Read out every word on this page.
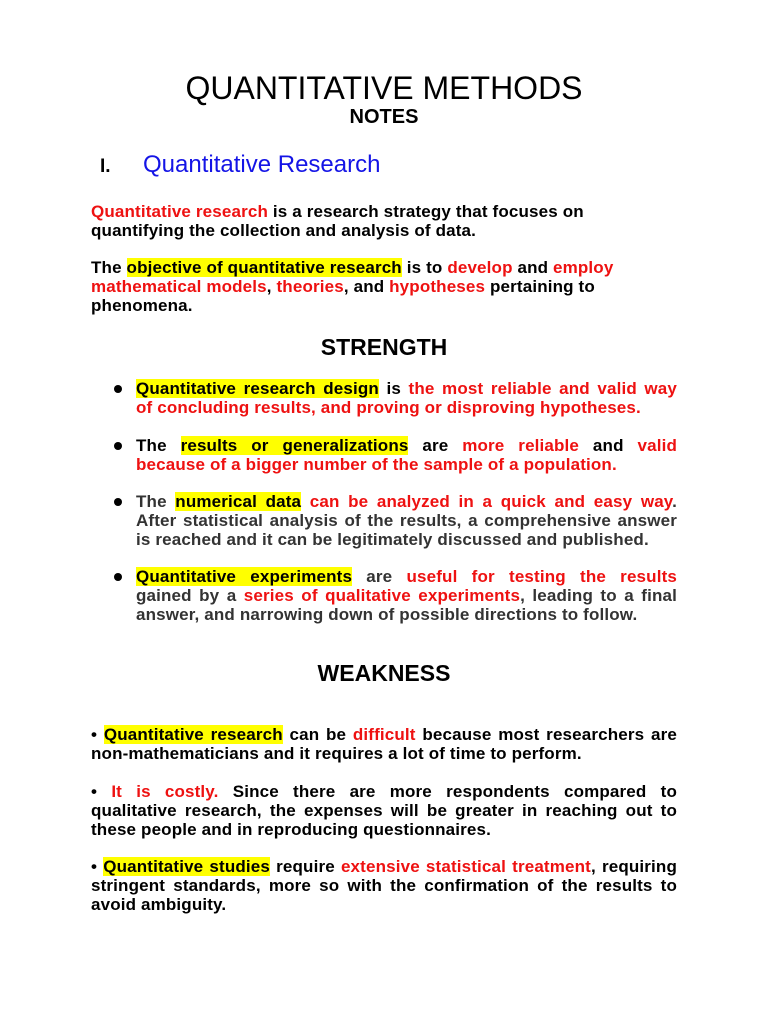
QUANTITATIVE METHODS
NOTES
I.	Quantitative Research
Quantitative research is a research strategy that focuses on
quantifying the collection and analysis of data.
The objective of quantitative research is to develop and employ
mathematical models, theories, and hypotheses pertaining to
phenomena.
STRENGTH
Quantitative research design is the most reliable and valid way
of concluding results, and proving or disproving hypotheses.
The results or generalizations are more reliable and valid
because of a bigger number of the sample of a population.
The numerical data can be analyzed in a quick and easy way.
After statistical analysis of the results, a comprehensive answer
is reached and it can be legitimately discussed and published.
Quantitative experiments are useful for testing the results
gained by a series of qualitative experiments, leading to a final
answer, and narrowing down of possible directions to follow.
WEAKNESS
• Quantitative research can be difficult because most researchers are
non-mathematicians and it requires a lot of time to perform.
• It is costly. Since there are more respondents compared to
qualitative research, the expenses will be greater in reaching out to
these people and in reproducing questionnaires.
• Quantitative studies require extensive statistical treatment, requiring
stringent standards, more so with the confirmation of the results to
avoid ambiguity.
